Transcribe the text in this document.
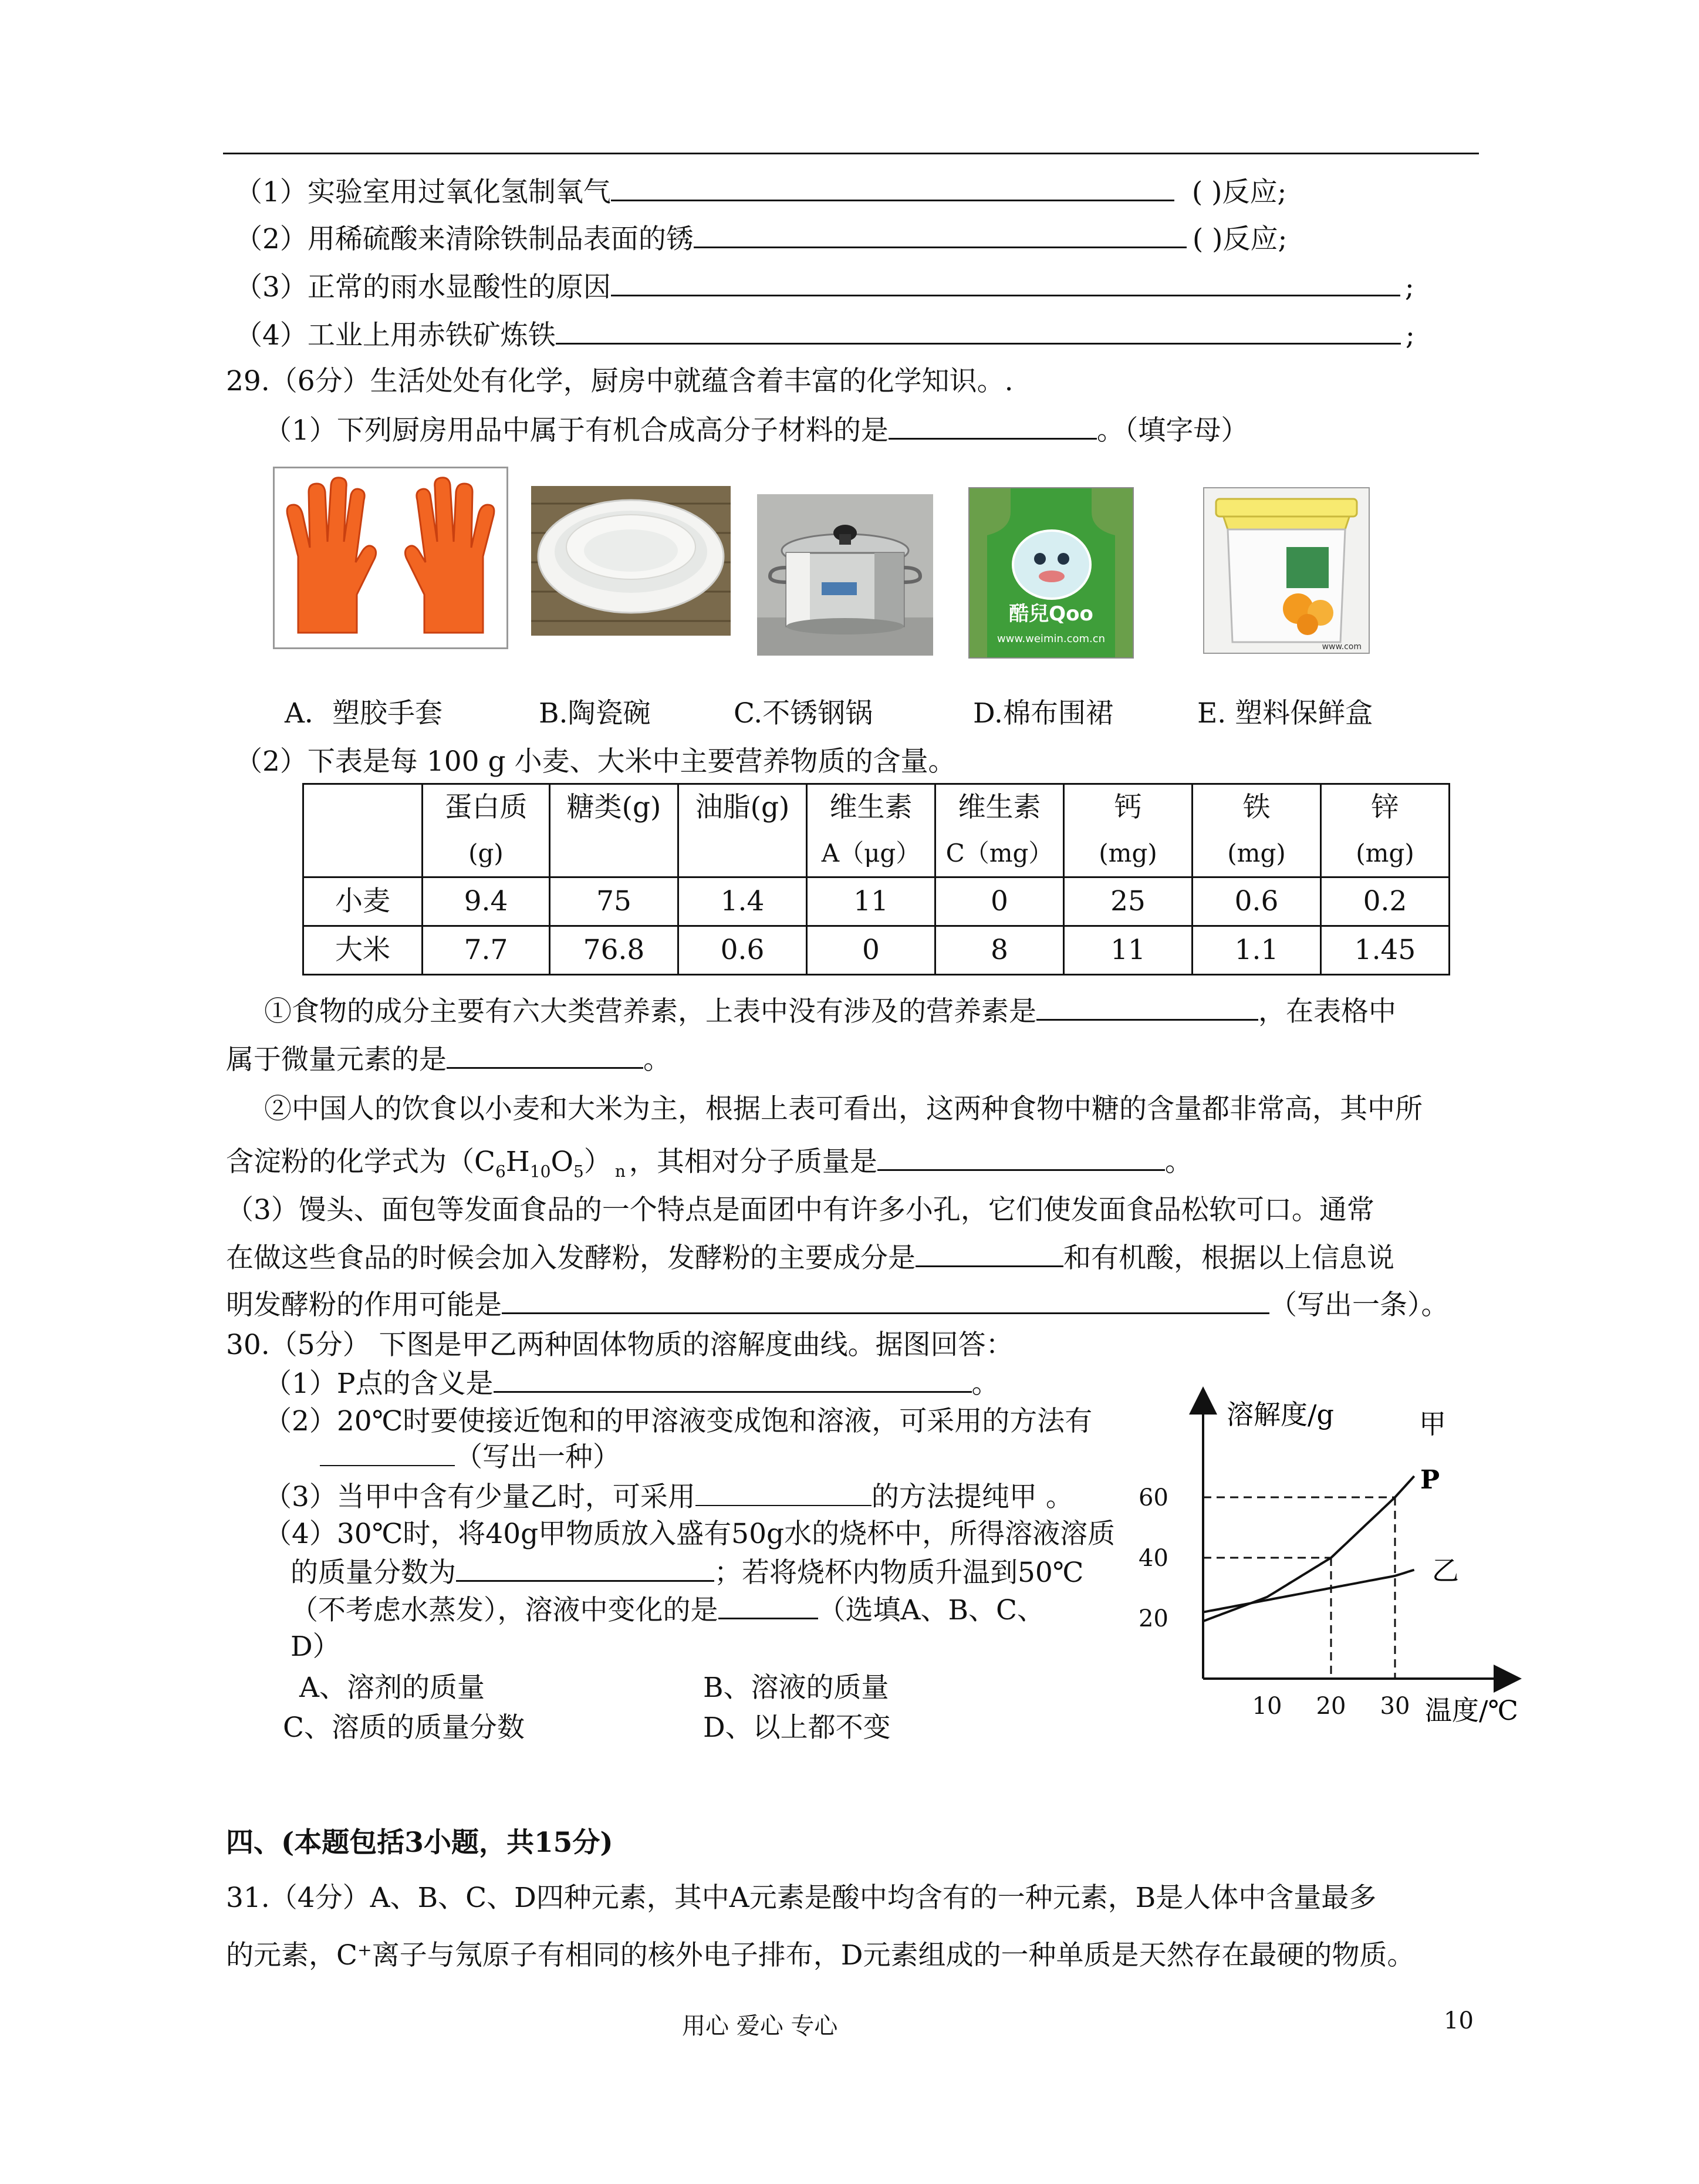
（1）实验室用过氧化氢制氧气	( )反应;
（2）用稀硫酸来清除铁制品表面的锈	( )反应;
（3）正常的雨水显酸性的原因	;
（4）工业上用赤铁矿炼铁	;
29.（6分）生活处处有化学，厨房中就蕴含着丰富的化学知识。.
（1）下列厨房用品中属于有机合成高分子材料的是	。（填字母）
酷兒Qoo
www.weimin.com.cn
www.com
A．塑胶手套	B.陶瓷碗	C.不锈钢锅	D.棉布围裙	E. 塑料保鲜盒
（2）下表是每 100 g 小麦、大米中主要营养物质的含量。
	蛋白质	糖类(g)	油脂(g)	维生素	维生素	钙	铁	锌
	(g)			A（μg）	C（mg）	(mg)	(mg)	(mg)
小麦	9.4	75	1.4	11	0	25	0.6	0.2
大米	7.7	76.8	0.6	0	8	11	1.1	1.45
①食物的成分主要有六大类营养素，上表中没有涉及的营养素是	，在表格中
属于微量元素的是	。
②中国人的饮食以小麦和大米为主，根据上表可看出，这两种食物中糖的含量都非常高，其中所
含淀粉的化学式为$(C_6H_{10}O_5)$ $_n$ ，其相对分子质量是	。
（3）馒头、面包等发面食品的一个特点是面团中有许多小孔，它们使发面食品松软可口。通常
在做这些食品的时候会加入发酵粉，发酵粉的主要成分是	和有机酸，根据以上信息说
明发酵粉的作用可能是	（写出一条）。
30.（5分） 下图是甲乙两种固体物质的溶解度曲线。据图回答：
（1）P点的含义是	。
（2）20℃时要使接近饱和的甲溶液变成饱和溶液，可采用的方法有
（写出一种）
（3）当甲中含有少量乙时，可采用	的方法提纯甲 。
（4）30℃时，将40g甲物质放入盛有50g水的烧杯中，所得溶液溶质
的质量分数为	；若将烧杯内物质升温到50℃
（不考虑水蒸发），溶液中变化的是	（选填A、B、C、
D）
A、溶剂的质量	B、溶液的质量
C、溶质的质量分数	D、以上都不变
10 20 30
20
40
60
溶解度/g
温度/℃
P
甲
乙
四、(本题包括3小题，共15分)
31.（4分）A、B、C、D四种元素，其中A元素是酸中均含有的一种元素，B是人体中含量最多
的元素，C⁺离子与氖原子有相同的核外电子排布，D元素组成的一种单质是天然存在最硬的物质。
用心 爱心 专心	10
